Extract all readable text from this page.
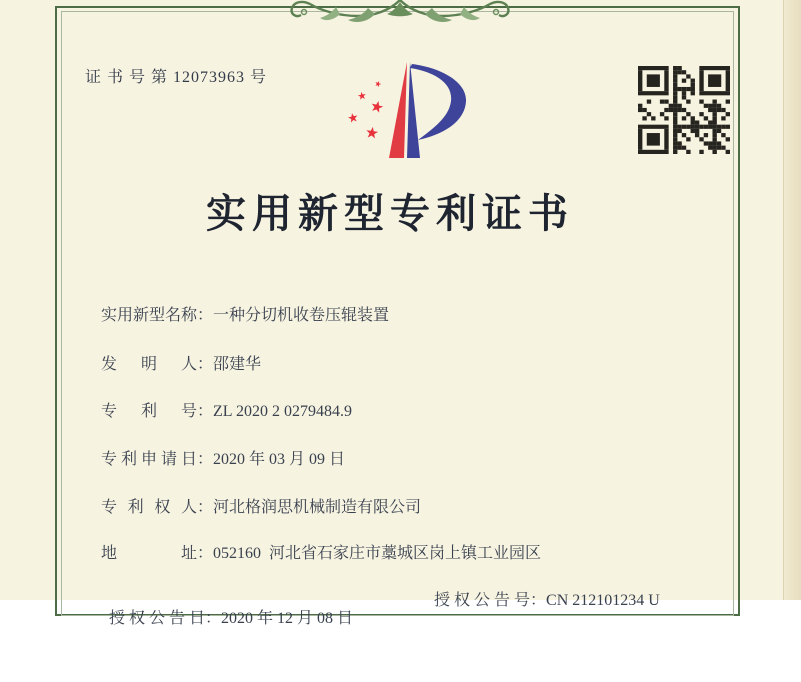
证 书 号 第 12073963 号
实用新型专利证书

实用新型名称：一种分切机收卷压辊装置

发明人：邵建华

专利号：ZL 2020 2 0279484.9

专利申请日：2020 年 03 月 09 日

专利权人：河北格润思机械制造有限公司

地址：052160  河北省石家庄市藁城区岗上镇工业园区

授权公告日：2020 年 12 月 08 日

授权公告号：CN 212101234 U
